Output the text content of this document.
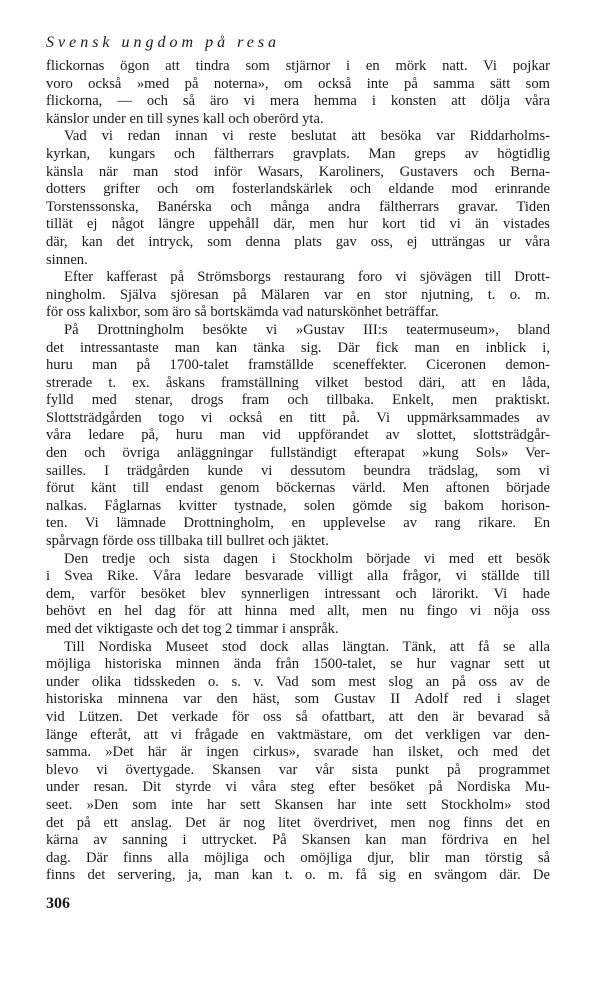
Svensk ungdom på resa
flickornas ögon att tindra som stjärnor i en mörk natt. Vi pojkar
voro också »med på noterna», om också inte på samma sätt som
flickorna, — och så äro vi mera hemma i konsten att dölja våra
känslor under en till synes kall och oberörd yta.
Vad vi redan innan vi reste beslutat att besöka var Riddarholms-
kyrkan, kungars och fältherrars gravplats. Man greps av högtidlig
känsla när man stod inför Wasars, Karoliners, Gustavers och Berna-
dotters grifter och om fosterlandskärlek och eldande mod erinrande
Torstenssonska, Banérska och många andra fältherrars gravar. Tiden
tillät ej något längre uppehåll där, men hur kort tid vi än vistades
där, kan det intryck, som denna plats gav oss, ej utträngas ur våra
sinnen.
Efter kafferast på Strömsborgs restaurang foro vi sjövägen till Drott-
ningholm. Själva sjöresan på Mälaren var en stor njutning, t. o. m.
för oss kalixbor, som äro så bortskämda vad naturskönhet beträffar.
På Drottningholm besökte vi »Gustav III:s teatermuseum», bland
det intressantaste man kan tänka sig. Där fick man en inblick i,
huru man på 1700-talet framställde sceneffekter. Ciceronen demon-
strerade t. ex. åskans framställning vilket bestod däri, att en låda,
fylld med stenar, drogs fram och tillbaka. Enkelt, men praktiskt.
Slottsträdgården togo vi också en titt på. Vi uppmärksammades av
våra ledare på, huru man vid uppförandet av slottet, slottsträdgår-
den och övriga anläggningar fullständigt efterapat »kung Sols» Ver-
sailles. I trädgården kunde vi dessutom beundra trädslag, som vi
förut känt till endast genom böckernas värld. Men aftonen började
nalkas. Fåglarnas kvitter tystnade, solen gömde sig bakom horison-
ten. Vi lämnade Drottningholm, en upplevelse av rang rikare. En
spårvagn förde oss tillbaka till bullret och jäktet.
Den tredje och sista dagen i Stockholm började vi med ett besök
i Svea Rike. Våra ledare besvarade villigt alla frågor, vi ställde till
dem, varför besöket blev synnerligen intressant och lärorikt. Vi hade
behövt en hel dag för att hinna med allt, men nu fingo vi nöja oss
med det viktigaste och det tog 2 timmar i anspråk.
Till Nordiska Museet stod dock allas längtan. Tänk, att få se alla
möjliga historiska minnen ända från 1500-talet, se hur vagnar sett ut
under olika tidsskeden o. s. v. Vad som mest slog an på oss av de
historiska minnena var den häst, som Gustav II Adolf red i slaget
vid Lützen. Det verkade för oss så ofattbart, att den är bevarad så
länge efteråt, att vi frågade en vaktmästare, om det verkligen var den-
samma. »Det här är ingen cirkus», svarade han ilsket, och med det
blevo vi övertygade. Skansen var vår sista punkt på programmet
under resan. Dit styrde vi våra steg efter besöket på Nordiska Mu-
seet. »Den som inte har sett Skansen har inte sett Stockholm» stod
det på ett anslag. Det är nog litet överdrivet, men nog finns det en
kärna av sanning i uttrycket. På Skansen kan man fördriva en hel
dag. Där finns alla möjliga och omöjliga djur, blir man törstig så
finns det servering, ja, man kan t. o. m. få sig en svängom där. De
306
